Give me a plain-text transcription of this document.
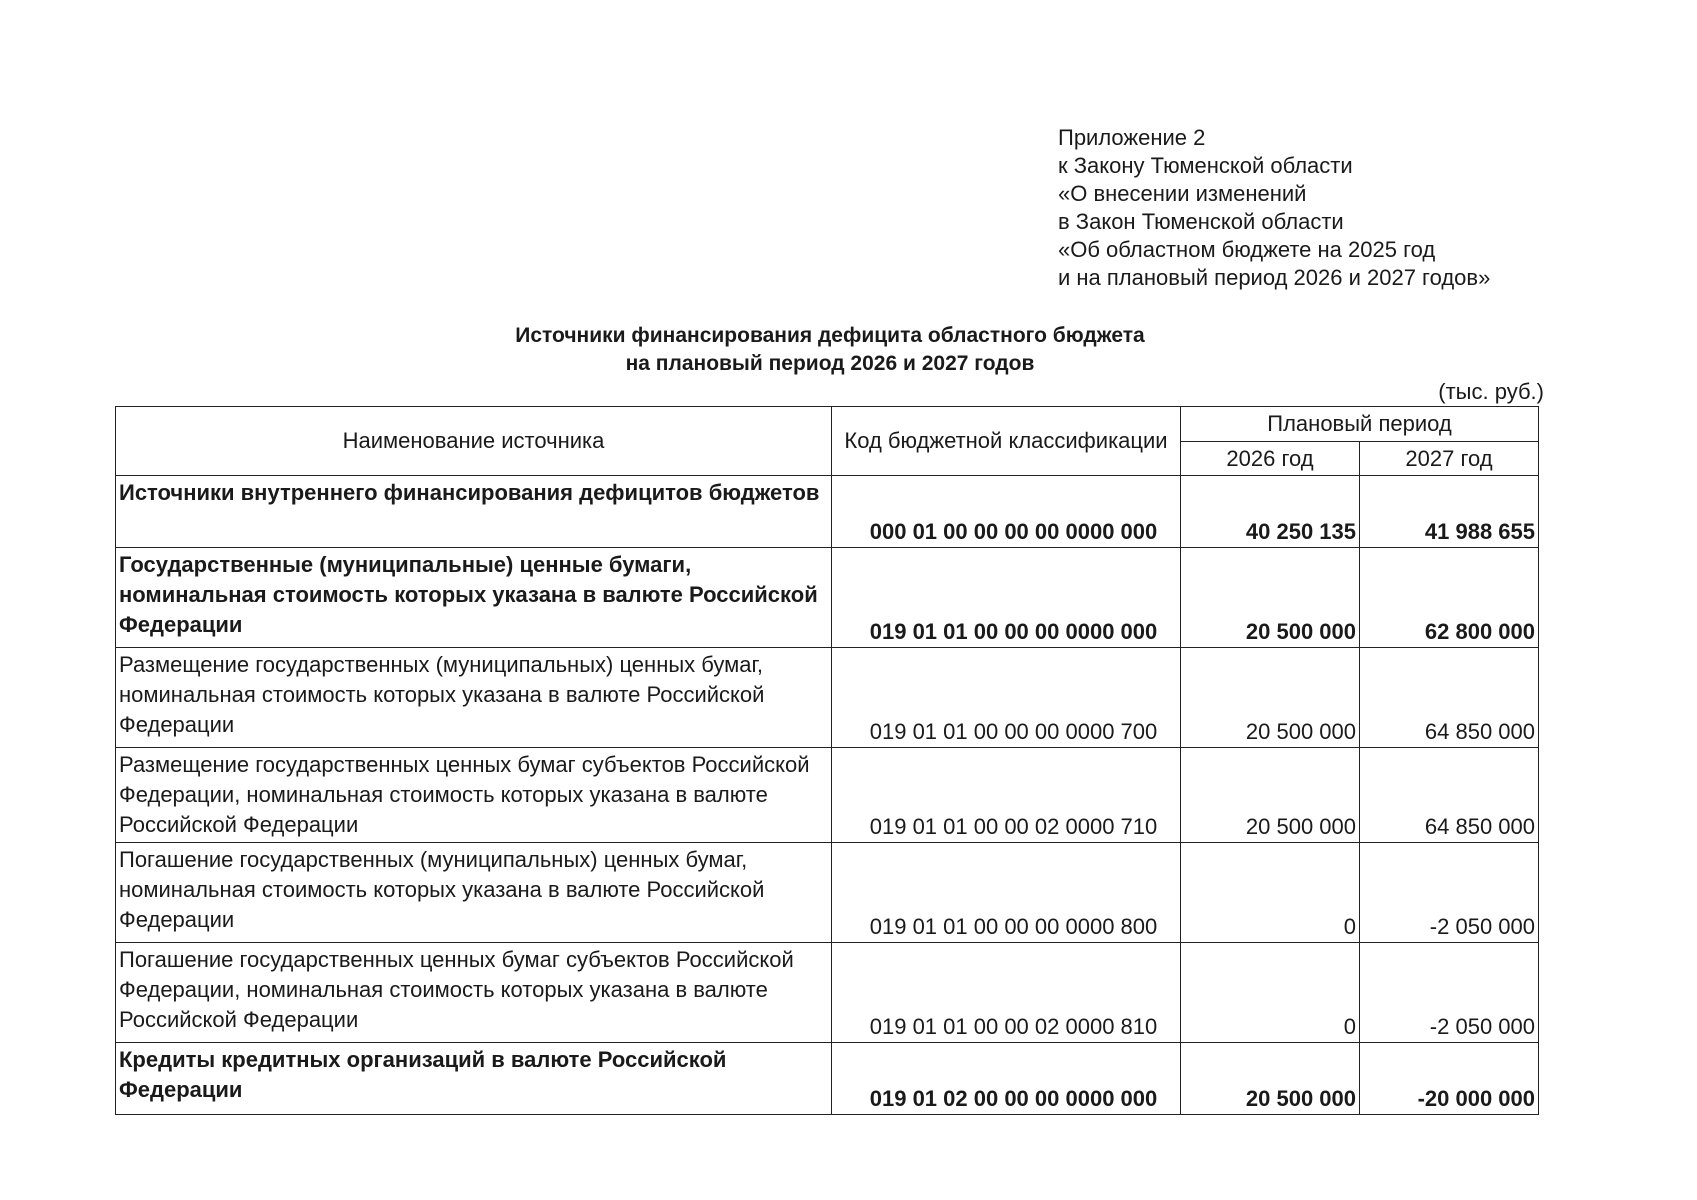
Приложение 2
к Закону Тюменской области
«О внесении изменений
в Закон Тюменской области
«Об областном бюджете на 2025 год
и на плановый период 2026 и 2027 годов»
Источники финансирования дефицита областного бюджета
на плановый период 2026 и 2027 годов
(тыс. руб.)
Наименование источника	Код бюджетной классификации	Плановый период	
		2026 год	2027 год
Источники внутреннего финансирования дефицитов бюджетов	000 01 00 00 00 00 0000 000	40 250 135	41 988 655
Государственные (муниципальные) ценные бумаги, номинальная стоимость которых указана в валюте Российской Федерации	019 01 01 00 00 00 0000 000	20 500 000	62 800 000
Размещение государственных (муниципальных) ценных бумаг, номинальная стоимость которых указана в валюте Российской Федерации	019 01 01 00 00 00 0000 700	20 500 000	64 850 000
Размещение государственных ценных бумаг субъектов Российской Федерации, номинальная стоимость которых указана в валюте Российской Федерации	019 01 01 00 00 02 0000 710	20 500 000	64 850 000
Погашение государственных (муниципальных) ценных бумаг, номинальная стоимость которых указана в валюте Российской Федерации	019 01 01 00 00 00 0000 800	0	-2 050 000
Погашение государственных ценных бумаг субъектов Российской Федерации, номинальная стоимость которых указана в валюте Российской Федерации	019 01 01 00 00 02 0000 810	0	-2 050 000
Кредиты кредитных организаций в валюте Российской Федерации	019 01 02 00 00 00 0000 000	20 500 000	-20 000 000
